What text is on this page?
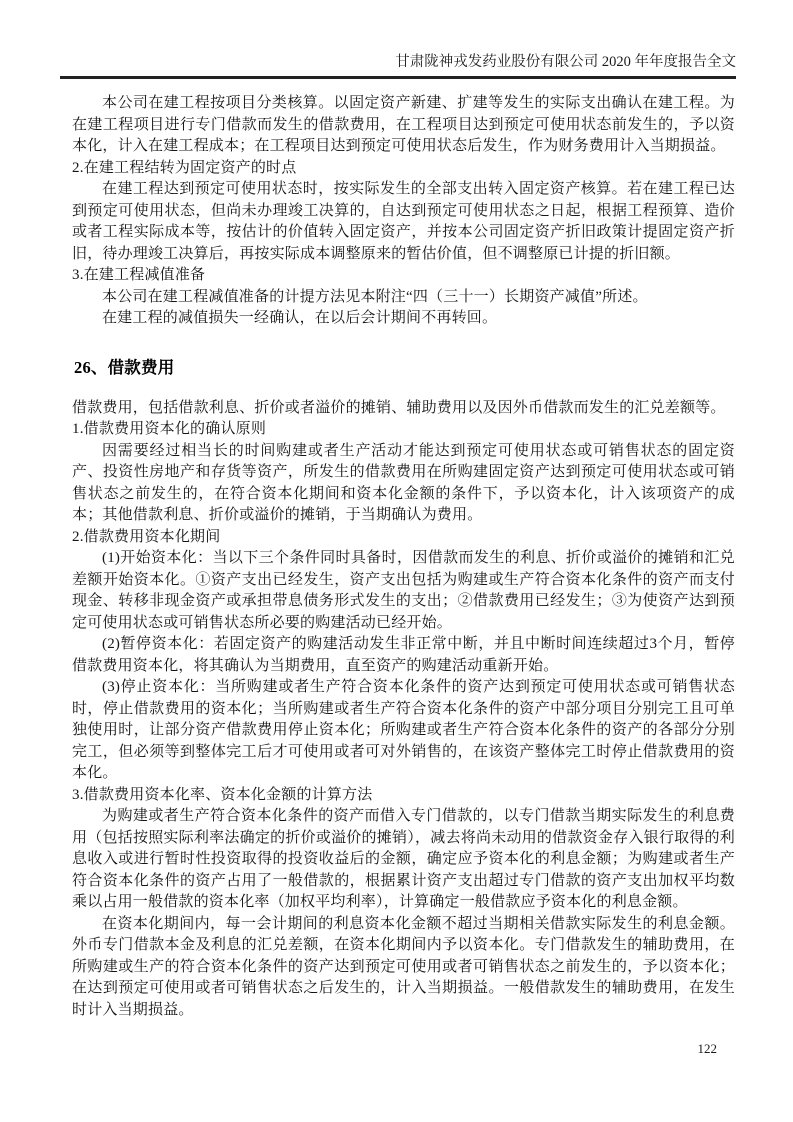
甘肃陇神戎发药业股份有限公司 2020 年年度报告全文

本公司在建工程按项目分类核算。以固定资产新建、扩建等发生的实际支出确认在建工程。为在建工程项目进行专门借款而发生的借款费用，在工程项目达到预定可使用状态前发生的，予以资本化，计入在建工程成本；在工程项目达到预定可使用状态后发生，作为财务费用计入当期损益。

2.在建工程结转为固定资产的时点

在建工程达到预定可使用状态时，按实际发生的全部支出转入固定资产核算。若在建工程已达到预定可使用状态，但尚未办理竣工决算的，自达到预定可使用状态之日起，根据工程预算、造价或者工程实际成本等，按估计的价值转入固定资产，并按本公司固定资产折旧政策计提固定资产折旧，待办理竣工决算后，再按实际成本调整原来的暂估价值，但不调整原已计提的折旧额。

3.在建工程减值准备

本公司在建工程减值准备的计提方法见本附注“四（三十一）长期资产减值”所述。

在建工程的减值损失一经确认，在以后会计期间不再转回。

26、借款费用

借款费用，包括借款利息、折价或者溢价的摊销、辅助费用以及因外币借款而发生的汇兑差额等。

1.借款费用资本化的确认原则

因需要经过相当长的时间购建或者生产活动才能达到预定可使用状态或可销售状态的固定资产、投资性房地产和存货等资产，所发生的借款费用在所购建固定资产达到预定可使用状态或可销售状态之前发生的，在符合资本化期间和资本化金额的条件下，予以资本化，计入该项资产的成本；其他借款利息、折价或溢价的摊销，于当期确认为费用。

2.借款费用资本化期间

(1)开始资本化：当以下三个条件同时具备时，因借款而发生的利息、折价或溢价的摊销和汇兑差额开始资本化。①资产支出已经发生，资产支出包括为购建或生产符合资本化条件的资产而支付现金、转移非现金资产或承担带息债务形式发生的支出；②借款费用已经发生；③为使资产达到预定可使用状态或可销售状态所必要的购建活动已经开始。

(2)暂停资本化：若固定资产的购建活动发生非正常中断，并且中断时间连续超过3个月，暂停借款费用资本化，将其确认为当期费用，直至资产的购建活动重新开始。

(3)停止资本化：当所购建或者生产符合资本化条件的资产达到预定可使用状态或可销售状态时，停止借款费用的资本化；当所购建或者生产符合资本化条件的资产中部分项目分别完工且可单独使用时，让部分资产借款费用停止资本化；所购建或者生产符合资本化条件的资产的各部分分别完工，但必须等到整体完工后才可使用或者可对外销售的，在该资产整体完工时停止借款费用的资本化。

3.借款费用资本化率、资本化金额的计算方法

为购建或者生产符合资本化条件的资产而借入专门借款的，以专门借款当期实际发生的利息费用（包括按照实际利率法确定的折价或溢价的摊销），减去将尚未动用的借款资金存入银行取得的利息收入或进行暂时性投资取得的投资收益后的金额，确定应予资本化的利息金额；为购建或者生产符合资本化条件的资产占用了一般借款的，根据累计资产支出超过专门借款的资产支出加权平均数乘以占用一般借款的资本化率（加权平均利率），计算确定一般借款应予资本化的利息金额。

在资本化期间内，每一会计期间的利息资本化金额不超过当期相关借款实际发生的利息金额。外币专门借款本金及利息的汇兑差额，在资本化期间内予以资本化。专门借款发生的辅助费用，在所购建或生产的符合资本化条件的资产达到预定可使用或者可销售状态之前发生的，予以资本化；在达到预定可使用或者可销售状态之后发生的，计入当期损益。一般借款发生的辅助费用，在发生时计入当期损益。

122
